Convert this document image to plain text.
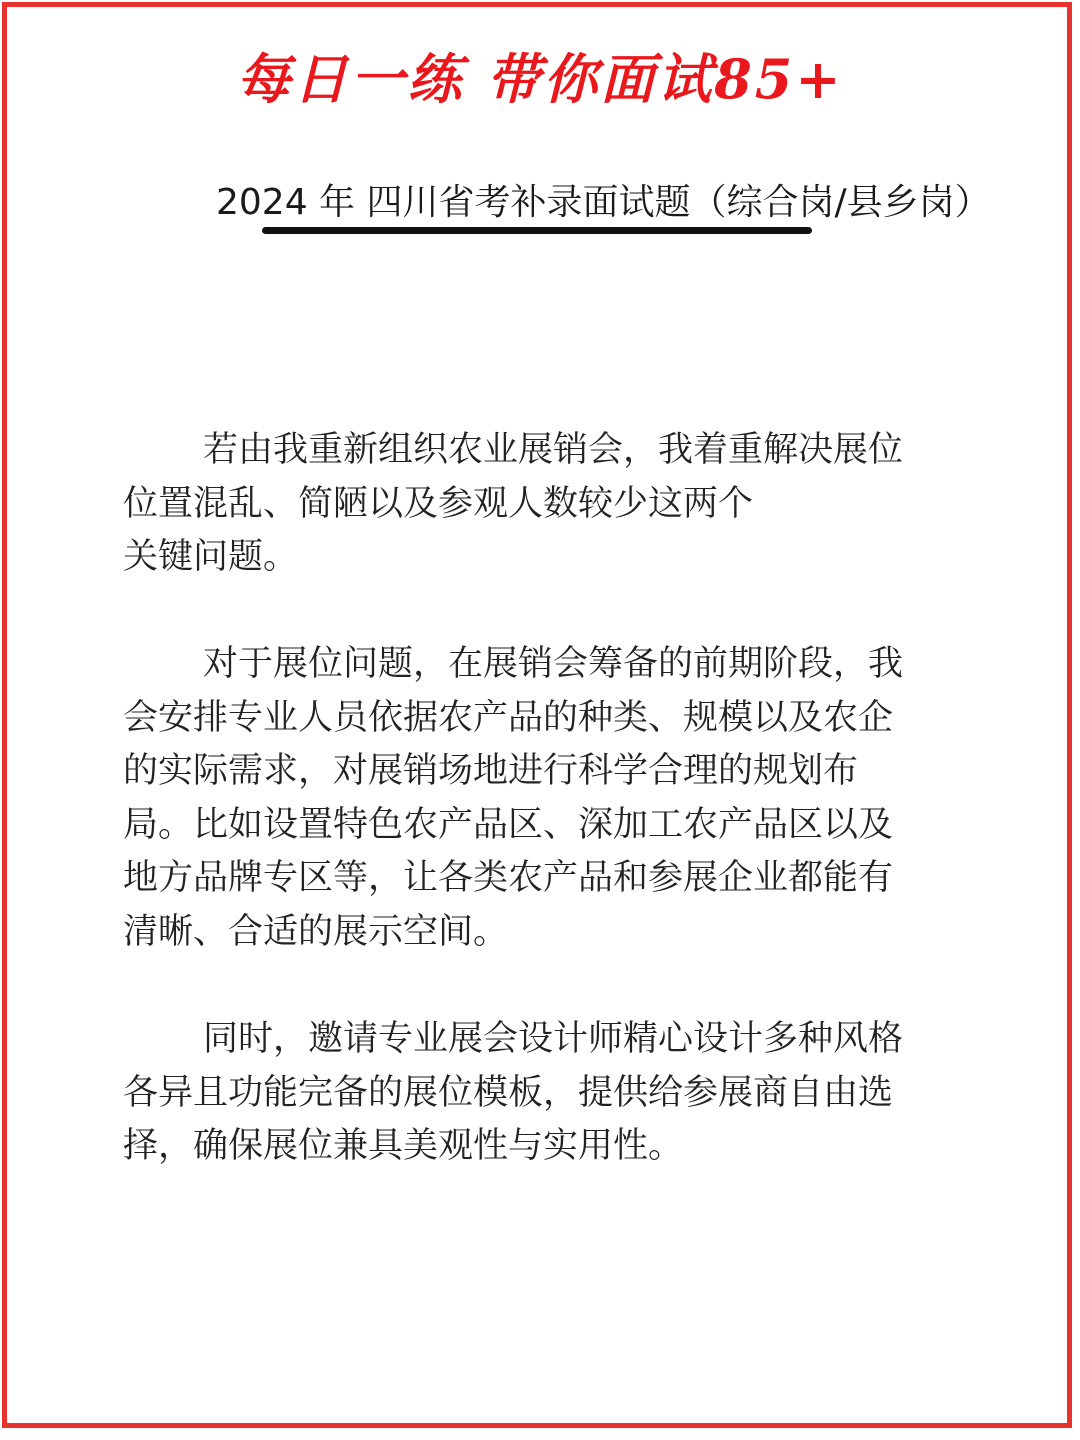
每日一练 带你面试85+
2024 年 四川省考补录面试题（综合岗/县乡岗）

若由我重新组织农业展销会，我着重解决展位
位置混乱、简陋以及参观人数较少这两个
关键问题。

对于展位问题，在展销会筹备的前期阶段，我
会安排专业人员依据农产品的种类、规模以及农企
的实际需求，对展销场地进行科学合理的规划布
局。比如设置特色农产品区、深加工农产品区以及
地方品牌专区等，让各类农产品和参展企业都能有
清晰、合适的展示空间。

同时，邀请专业展会设计师精心设计多种风格
各异且功能完备的展位模板，提供给参展商自由选
择，确保展位兼具美观性与实用性。
